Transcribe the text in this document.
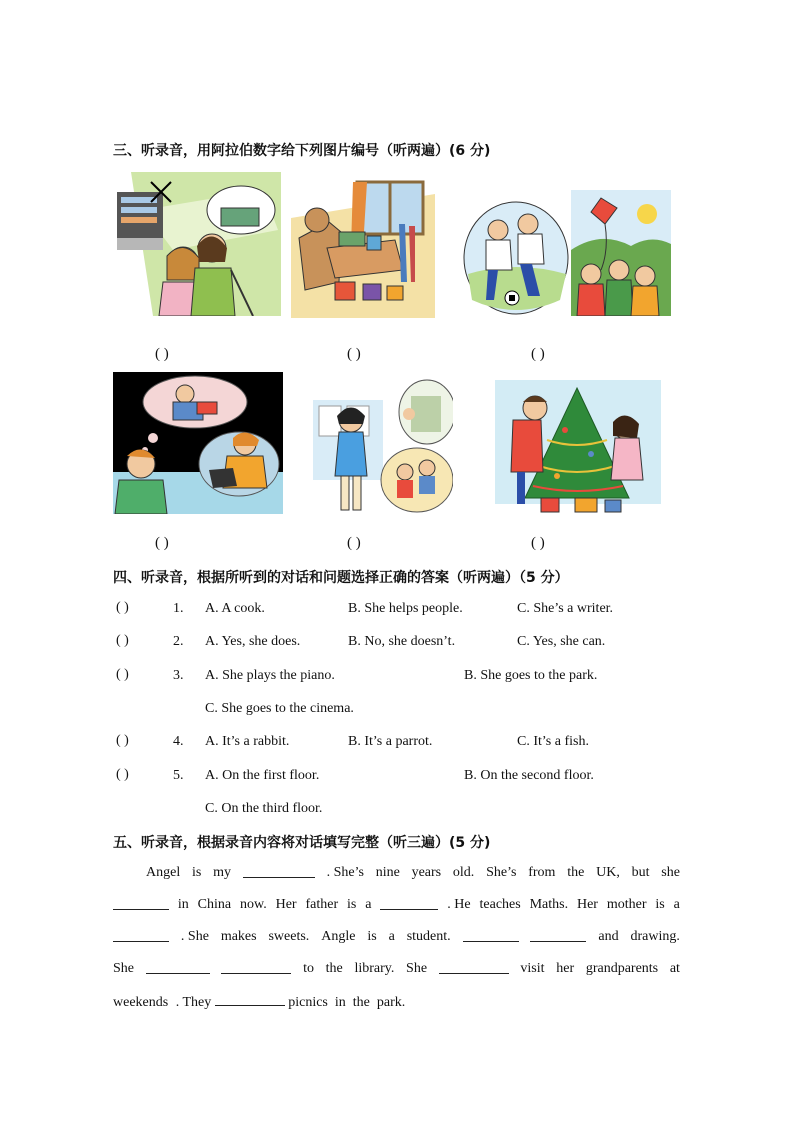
三、听录音，用阿拉伯数字给下列图片编号（听两遍）(6 分)
( )	( )	( )
( )	( )	( )
四、听录音，根据所听到的对话和问题选择正确的答案（听两遍）（5 分）
( )	1. A. A cook.	B. She helps people.	C. She’s a writer.
( )	2. A. Yes, she does.	B. No, she doesn’t.	C. Yes, she can.
( )	3. A. She plays the piano.	B. She goes to the park.
C. She goes to the cinema.
( )	4. A. It’s a rabbit.	B. It’s a parrot.	C. It’s a fish.
( )	5. A. On the first floor.	B. On the second floor.
C. On the third floor.
五、听录音，根据录音内容将对话填写完整（听三遍）(5 分)
Angel is my	. She’s nine years old. She’s from the UK, but she
in China now. Her father is a	. He teaches Maths. Her mother is a
. She makes sweets. Angle is a student.	and drawing.
She	to the library. She	visit her grandparents at
weekends . They	picnics in the park.
